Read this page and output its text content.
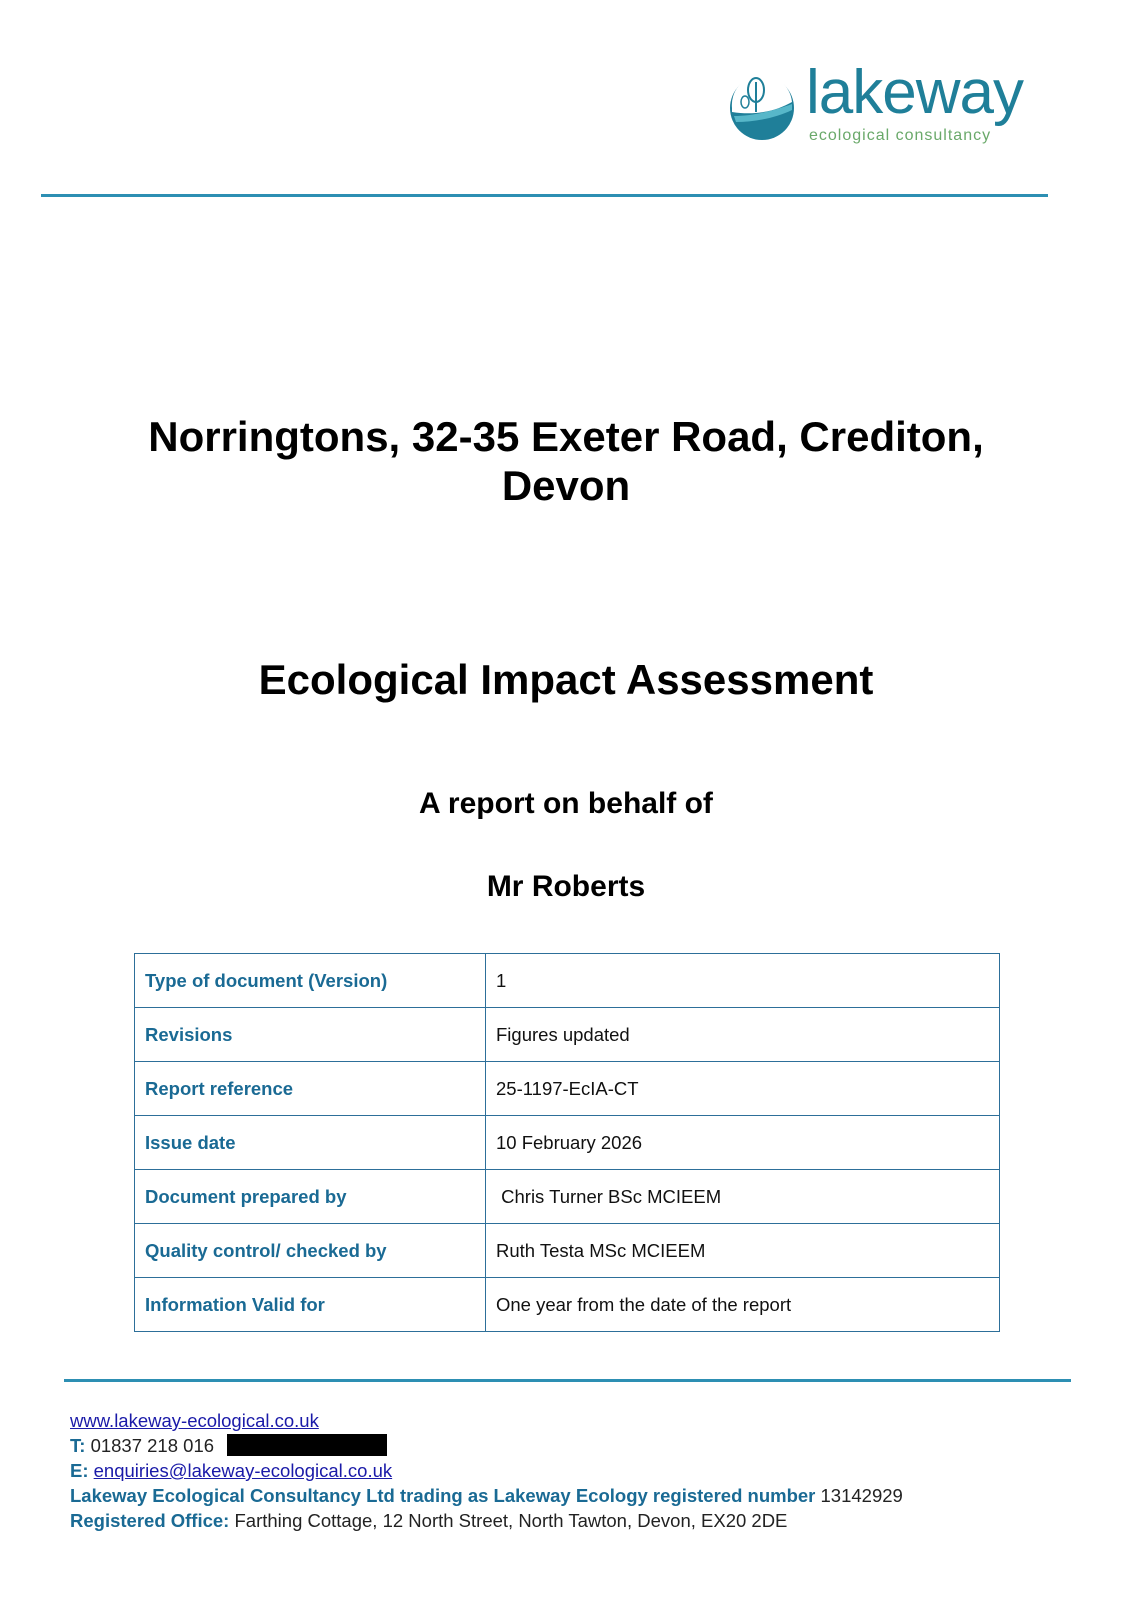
lakeway
ecological consultancy
Norringtons, 32-35 Exeter Road, Crediton,
Devon
Ecological Impact Assessment
A report on behalf of
Mr Roberts
Type of document (Version)	1
Revisions	Figures updated
Report reference	25-1197-EcIA-CT
Issue date	10 February 2026
Document prepared by	Chris Turner BSc MCIEEM
Quality control/ checked by	Ruth Testa MSc MCIEEM
Information Valid for	One year from the date of the report
www.lakeway-ecological.co.uk
T: 01837 218 016
E: enquiries@lakeway-ecological.co.uk
Lakeway Ecological Consultancy Ltd trading as Lakeway Ecology registered number 13142929
Registered Office: Farthing Cottage, 12 North Street, North Tawton, Devon, EX20 2DE
